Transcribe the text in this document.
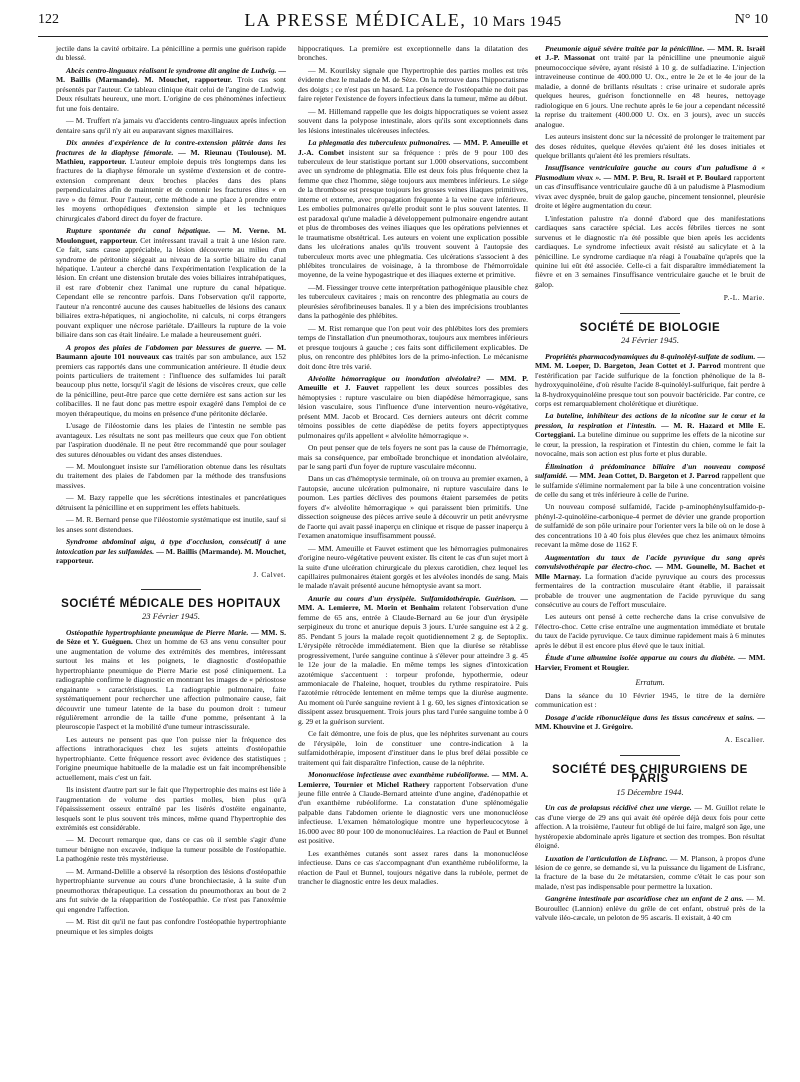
122	LA PRESSE MÉDICALE, 10 Mars 1945	N° 10

jectile dans la cavité orbitaire. La pénicilline a permis une guérison rapide du blessé.

Abcès centro-linguaux réalisant le syndrome dit angine de Ludwig. — M. Baillis (Marmande). M. Mouchet, rapporteur. Trois cas sont présentés par l'auteur. Ce tableau clinique était celui de l'angine de Ludwig. Deux résultats heureux, une mort. L'origine de ces phénomènes infectieux fut une fois dentaire.

— M. Truffert n'a jamais vu d'accidents centro-linguaux après infection dentaire sans qu'il n'y ait eu auparavant signes maxillaires.

Dix années d'expérience de la contre-extension plâtrée dans les fractures de la diaphyse fémorale. — M. Rieunau (Toulouse). M. Mathieu, rapporteur. L'auteur emploie depuis très longtemps dans les fractures de la diaphyse fémorale un système d'extension et de contre-extension comprenant deux broches placées dans des plans perpendiculaires afin de maintenir et de contenir les fractures dites « en rave » du fémur. Pour l'auteur, cette méthode a une place à prendre entre les moyens orthopédiques d'extension simple et les techniques chirurgicales d'abord direct du foyer de fracture.

Rupture spontanée du canal hépatique. — M. Verne. M. Moulonguet, rapporteur. Cet intéressant travail a trait à une lésion rare. Ce fait, sans cause appréciable, la lésion découverte au milieu d'un syndrome de péritonite siégeait au niveau de la sortie biliaire du canal hépatique. L'auteur a cherché dans l'expérimentation l'explication de la lésion. En créant une distension brutale des voies biliaires intrahépatiques, il est rare d'obtenir chez l'animal une rupture du canal hépatique. Cependant elle se rencontre parfois. Dans l'observation qu'il rapporte, l'auteur n'a rencontré aucune des causes habituelles de lésions des canaux biliaires extra-hépatiques, ni angiocholite, ni calculs, ni corps étrangers pouvant expliquer une nécrose pariétale. D'ailleurs la rupture de la voie biliaire dans son cas était linéaire. Le malade a heureusement guéri.

A propos des plaies de l'abdomen par blessures de guerre. — M. Baumann ajoute 101 nouveaux cas traités par son ambulance, aux 152 premiers cas rapportés dans une communication antérieure. Il étudie deux points particuliers de traitement : l'influence des sulfamides lui paraît beaucoup plus nette, lorsqu'il s'agit de lésions de viscères creux, que celle de la pénicilline, peut-être parce que cette dernière est sans action sur les colibacilles. Il ne faut donc pas mettre espoir exagéré dans l'emploi de ce moyen thérapeutique, du moins en présence d'une péritonite déclarée.

L'usage de l'iléostomie dans les plaies de l'intestin ne semble pas avantageux. Les résultats ne sont pas meilleurs que ceux que l'on obtient par l'aspiration duodénale. Il ne peut être recommandé que pour soulager des sutures dénouables ou vidant des anses distendues.

— M. Moulonguet insiste sur l'amélioration obtenue dans les résultats du traitement des plaies de l'abdomen par la méthode des transfusions massives.

— M. Bazy rappelle que les sécrétions intestinales et pancréatiques détruisent la pénicilline et en suppriment les effets habituels.

— M. R. Bernard pense que l'iléostomie systématique est inutile, sauf si les anses sont distendues.

Syndrome abdominal aigu, à type d'occlusion, consécutif à une intoxication par les sulfamides. — M. Baillis (Marmande). M. Mouchet, rapporteur.

J. Calvet.
SOCIÉTÉ MÉDICALE DES HOPITAUX
23 Février 1945.

Ostéopathie hypertrophiante pneumique de Pierre Marie. — MM. S. de Sèze et Y. Guéguen. Chez un homme de 63 ans venu consulter pour une augmentation de volume des extrémités des membres, intéressant surtout les mains et les poignets, le diagnostic d'ostéopathie hypertrophiante pneumique de Pierre Marie est posé cliniquement. La radiographie confirme le diagnostic en montrant les images de « périostose engainante » caractéristiques. La radiographie pulmonaire, faite systématiquement pour rechercher une affection pulmonaire cause, fait découvrir une tumeur latente de la base du poumon droit : tumeur régulièrement arrondie de la taille d'une pomme, présentant à la pleuroscopie l'aspect et la mobilité d'une tumeur intrascissurale.

Les auteurs ne pensent pas que l'on puisse nier la fréquence des affections intrathoraciques chez les sujets atteints d'ostéopathie hypertrophiante. Cette fréquence ressort avec évidence des statistiques ; l'origine pneumique habituelle de la maladie est un fait incompréhensible actuellement, mais c'est un fait.

Ils insistent d'autre part sur le fait que l'hypertrophie des mains est liée à l'augmentation de volume des parties molles, bien plus qu'à l'épaississement osseux entraîné par les lisérés d'ostéite engainante, lesquels sont le plus souvent très minces, même quand l'hypertrophie des extrémités est considérable.

— M. Decourt remarque que, dans ce cas où il semble s'agir d'une tumeur bénigne non excavée, indique la tumeur possible de l'ostéopathie. La pathogénie reste très mystérieuse.

— M. Armand-Delille a observé la résorption des lésions d'ostéopathie hypertrophiante survenue au cours d'une bronchiectasie, à la suite d'un pneumothorax thérapeutique. La cessation du pneumothorax au bout de 2 ans fut suivie de la réapparition de l'ostéopathie. Ce n'est pas l'anoxémie qui engendre l'affection.

— M. Rist dit qu'il ne faut pas confondre l'ostéopathie hypertrophiante pneumique et les simples doigts

hippocratiques. La première est exceptionnelle dans la dilatation des bronches.

— M. Kourilsky signale que l'hypertrophie des parties molles est très évidente chez le malade de M. de Sèze. On la retrouve dans l'hippocratisme des doigts ; ce n'est pas un hasard. La présence de l'ostéopathie ne doit pas faire rejeter l'existence de foyers infectieux dans la tumeur, même au début.

— M. Hillemand rappelle que les doigts hippocratiques se voient assez souvent dans la polypose intestinale, alors qu'ils sont exceptionnels dans les lésions intestinales ulcéreuses infectées.

La phlegmatia des tuberculeux pulmonaires. — MM. P. Ameuille et J.-A. Combet insistent sur sa fréquence : près de 9 pour 100 des tuberculeux de leur statistique portant sur 1.000 observations, succombent avec un syndrome de phlegmatia. Elle est deux fois plus fréquente chez la femme que chez l'homme, siège toujours aux membres inférieurs. Le siège de la thrombose est presque toujours les grosses veines iliaques primitives, interne et externe, avec propagation fréquente à la veine cave inférieure. Les embolies pulmonaires qu'elle produit sont le plus souvent latentes. Il est paradoxal qu'une maladie à développement pulmonaire engendre autant et plus de thromboses des veines iliaques que les opérations pelviennes et le traumatisme obstétrical. Les auteurs en voient une explication possible dans les ulcérations anales qu'ils trouvent souvent à l'autopsie des tuberculeux morts avec une phlegmatia. Ces ulcérations s'associent à des phlébites tronculaires de voisinage, à la thrombose de l'hémorroïdale moyenne, de la veine hypogastrique et des iliaques externe et primitive.

—M. Fiessinger trouve cette interprétation pathogénique plausible chez les tuberculeux cavitaires ; mais on rencontre des phlegmatia au cours de pleurésies sérofibrineuses banales. Il y a bien des imprécisions troublantes dans la pathogénie des phlébites.

— M. Rist remarque que l'on peut voir des phlébites lors des premiers temps de l'installation d'un pneumothorax, toujours aux membres inférieurs et presque toujours à gauche ; ces faits sont difficilement explicables. De plus, on rencontre des phlébites lors de la primo-infection. Le mécanisme doit donc être très varié.

Alvéolite hémorragique ou inondation alvéolaire? — MM. P. Ameuille et J. Fauvet rappellent les deux sources possibles des hémoptysies : rupture vasculaire ou bien diapédèse hémorragique, sans lésion vasculaire, sous l'influence d'une intervention neuro-végétative, présent MM. Jacob et Brocard. Ces derniers auteurs ont décrit comme témoins possibles de cette diapédèse de petits foyers appectiptyques pulmonaires qu'ils appellent « alvéolite hémorragique ».

On peut penser que de tels foyers ne sont pas la cause de l'hémorragie, mais sa conséquence, par emboîtade bronchique et inondation alvéolaire, par le sang parti d'un foyer de rupture vasculaire méconnu.

Dans un cas d'hémoptysie terminale, où on trouva au premier examen, à l'autopsie, aucune ulcération pulmonaire, ni rupture vasculaire dans le poumon. Les parties déclives des poumons étaient parsemées de petits foyers d'« alvéolite hémorragique » qui paraissent bien primitifs. Une dissection soigneuse des pièces arrive seule à découvrir un petit anévrysme de l'aorte qui avait passé inaperçu en clinique et risque de passer inaperçu à l'examen anatomique insuffisamment poussé.

— MM. Ameuille et Fauvet estiment que les hémorragies pulmonaires d'origine neuro-végétative peuvent exister. Ils citent le cas d'un sujet mort à la suite d'une ulcération chirurgicale du plexus carotidien, chez lequel les capillaires pulmonaires étaient gorgés et les alvéoles inondés de sang. Mais le malade n'avait présenté aucune hémoptysie avant sa mort.

Anurie au cours d'un érysipèle. Sulfamidothérapie. Guérison. — MM. A. Lemierre, M. Morin et Benhaïm relatent l'observation d'une femme de 65 ans, entrée à Claude-Bernard au 6e jour d'un érysipèle serpigineux du tronc et anurique depuis 3 jours. L'urée sanguine est à 2 g. 85. Pendant 5 jours la malade reçoit quotidiennement 2 g. de Septoplix. L'érysipèle rétrocède immédiatement. Bien que la diurèse se rétablisse progressivement, l'urée sanguine continue à s'élever pour atteindre 3 g. 45 le 12e jour de la maladie. En même temps les signes d'intoxication azotémique s'accentuent : torpeur profonde, hypothermie, odeur ammoniacale de l'haleine, hoquet, troubles du rythme respiratoire. Puis l'azotémie rétrocède lentement en même temps que la diurèse augmente. Au moment où l'urée sanguine revient à 1 g. 60, les signes d'intoxication se dissipent assez brusquement. Trois jours plus tard l'urée sanguine tombe à 0 g. 29 et la guérison survient.

Ce fait démontre, une fois de plus, que les néphrites survenant au cours de l'érysipèle, loin de constituer une contre-indication à la sulfamidothérapie, imposent d'instituer dans le plus bref délai possible ce traitement qui fait disparaître l'infection, cause de la néphrite.

Mononucléose infectieuse avec exanthème rubéoliforme. — MM. A. Lemierre, Tournier et Michel Rathery rapportent l'observation d'une jeune fille entrée à Claude-Bernard atteinte d'une angine, d'adénopathie et d'un exanthème rubéoliforme. La constatation d'une splénomégalie palpable dans l'abdomen oriente le diagnostic vers une mononucléose infectieuse. L'examen hématologique montre une hyperleucocytose à 16.000 avec 80 pour 100 de mononucléaires. La réaction de Paul et Bunnel est positive.

Les exanthèmes cutanés sont assez rares dans la mononucléose infectieuse. Dans ce cas s'accompagnant d'un exanthème rubéoliforme, la réaction de Paul et Bunnel, toujours négative dans la rubéole, permet de trancher le diagnostic entre les deux maladies.

Pneumonie aiguë sévère traitée par la pénicilline. — MM. R. Israël et J.-P. Massonat ont traité par la pénicilline une pneumonie aiguë pneumococcique sévère, ayant résisté à 10 g. de sulfadiazine. L'injection intraveineuse continue de 400.000 U. Ox., entre le 2e et le 4e jour de la maladie, a donné de brillants résultats : crise urinaire et sudorale après quelques heures, guérison fonctionnelle en 48 heures, nettoyage radiologique en 6 jours. Une rechute après le 6e jour a cependant nécessité la reprise du traitement (400.000 U. Ox. en 3 jours), avec un succès analogue.

Les auteurs insistent donc sur la nécessité de prolonger le traitement par des doses réduites, quelque élevées qu'aient été les doses initiales et quelque brillants qu'aient été les premiers résultats.

Insuffisance ventriculaire gauche au cours d'un paludisme à « Plasmodium vivax ». — MM. P. Bru, R. Israël et P. Boulard rapportent un cas d'insuffisance ventriculaire gauche dû à un paludisme à Plasmodium vivax avec dyspnée, bruit de galop gauche, pincement tensionnel, pleurésie droite et légère augmentation du cœur.

L'infestation palustre n'a donné d'abord que des manifestations cardiaques sans caractère spécial. Les accès fébriles tierces ne sont survenus et le diagnostic n'a été possible que bien après les accidents cardiaques. Le syndrome infectieux avait résisté au salicylate et à la pénicilline. Le syndrome cardiaque n'a réagi à l'ouabaïne qu'après que la quinine lui eût été associée. Celle-ci a fait disparaître immédiatement la fièvre et en 3 semaines l'insuffisance ventriculaire gauche et le bruit de galop.

P.-L. Marie.
SOCIÉTÉ DE BIOLOGIE
24 Février 1945.

Propriétés pharmacodynamiques du 8-quinoléyl-sulfate de sodium. — MM. M. Loeper, D. Bargeton, Jean Cottet et J. Parrod montrent que l'estérification par l'acide sulfurique de la fonction phénolique de la 8-hydroxyquinoléine, d'où résulte l'acide 8-quinoléyl-sulfurique, fait perdre à la 8-hydroxyquinoléine presque tout son pouvoir bactéricide. Par contre, ce corps est remarquablement cholérétique et diurétique.

La buteline, inhibiteur des actions de la nicotine sur le cœur et la pression, la respiration et l'intestin. — M. R. Hazard et Mlle E. Corteggiani. La buteline diminue ou supprime les effets de la nicotine sur le cœur, la pression, la respiration et l'intestin du chien, comme le fait la novocaïne, mais son action est plus forte et plus durable.

Élimination à prédominance biliaire d'un nouveau composé sulfamidé. — MM. Jean Cottet, D. Bargeton et J. Parrod rappellent que le sulfamide s'élimine normalement par la bile à une concentration voisine de celle du sang et très inférieure à celle de l'urine.

Un nouveau composé sulfamidé, l'acide p-aminophénylsulfamido-p-phényl-2-quinoléine-carbonique-4 permet de dévier une grande proportion de sulfamidé de son pôle urinaire pour l'orienter vers la bile où on le dose à des concentrations 10 à 40 fois plus élevées que chez les animaux témoins recevant la même dose de 1162 F.

Augmentation du taux de l'acide pyruvique du sang après convulsivothérapie par électro-choc. — MM. Gounelle, M. Bachet et Mlle Marnay. La formation d'acide pyruvique au cours des processus fermentaires de la contraction musculaire étant établie, il paraissait probable de trouver une augmentation de l'acide pyruvique du sang consécutive au cours de l'effort musculaire.

Les auteurs ont pensé à cette recherche dans la crise convulsive de l'électro-choc. Cette crise entraîne une augmentation immédiate et brutale du taux de l'acide pyruvique. Ce taux diminue rapidement mais à 6 minutes après le début il est encore plus élevé que le taux initial.

Étude d'une albumine isolée apparue au cours du diabète. — MM. Harvier, Froment et Rougier.

Erratum.

Dans la séance du 10 Février 1945, le titre de la dernière communication est :

Dosage d'acide ribonucléique dans les tissus cancéreux et sains. — MM. Khouvine et J. Grégoire.

A. Escalier.
SOCIÉTÉ DES CHIRURGIENS DE PARIS
15 Décembre 1944.

Un cas de prolapsus récidivé chez une vierge. — M. Guillot relate le cas d'une vierge de 29 ans qui avait été opérée déjà deux fois pour cette affection. A la troisième, l'auteur fut obligé de lui faire, malgré son âge, une hystéropexie abdominale après ligature et section des trompes. Bon résultat éloigné.

Luxation de l'articulation de Lisfranc. — M. Planson, à propos d'une lésion de ce genre, se demande si, vu la puissance du ligament de Lisfranc, la fracture de la base du 2e métatarsien, comme c'était le cas pour son malade, n'est pas indispensable pour permettre la luxation.

Gangrène intestinale par ascaridiose chez un enfant de 2 ans. — M. Bouroullec (Lannion) enlève du grêle de cet enfant, obstrué près de la valvule iléo-cæcale, un peloton de 95 ascaris. Il existait, à 40 cm
